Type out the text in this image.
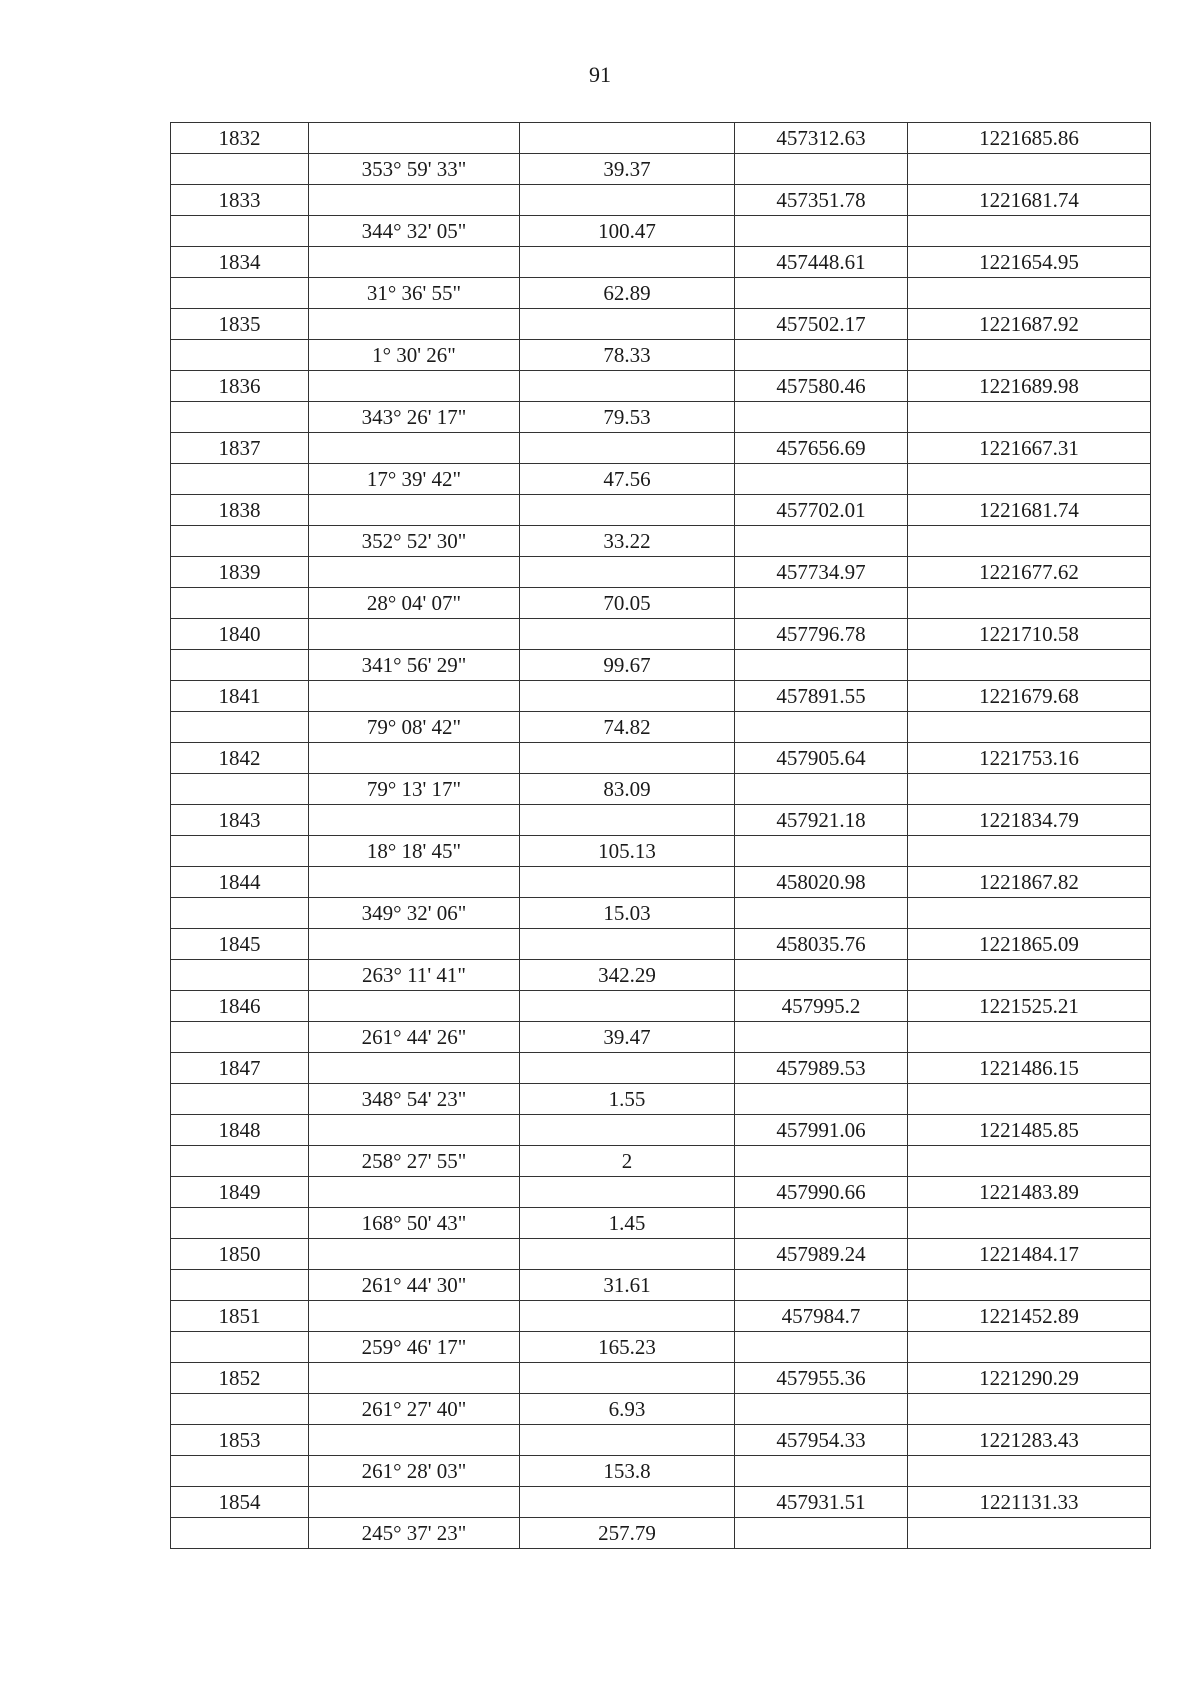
91
1832			457312.63	1221685.86
	353° 59' 33"	39.37		
1833			457351.78	1221681.74
	344° 32' 05"	100.47		
1834			457448.61	1221654.95
	31° 36' 55"	62.89		
1835			457502.17	1221687.92
	1° 30' 26"	78.33		
1836			457580.46	1221689.98
	343° 26' 17"	79.53		
1837			457656.69	1221667.31
	17° 39' 42"	47.56		
1838			457702.01	1221681.74
	352° 52' 30"	33.22		
1839			457734.97	1221677.62
	28° 04' 07"	70.05		
1840			457796.78	1221710.58
	341° 56' 29"	99.67		
1841			457891.55	1221679.68
	79° 08' 42"	74.82		
1842			457905.64	1221753.16
	79° 13' 17"	83.09		
1843			457921.18	1221834.79
	18° 18' 45"	105.13		
1844			458020.98	1221867.82
	349° 32' 06"	15.03		
1845			458035.76	1221865.09
	263° 11' 41"	342.29		
1846			457995.2	1221525.21
	261° 44' 26"	39.47		
1847			457989.53	1221486.15
	348° 54' 23"	1.55		
1848			457991.06	1221485.85
	258° 27' 55"	2		
1849			457990.66	1221483.89
	168° 50' 43"	1.45		
1850			457989.24	1221484.17
	261° 44' 30"	31.61		
1851			457984.7	1221452.89
	259° 46' 17"	165.23		
1852			457955.36	1221290.29
	261° 27' 40"	6.93		
1853			457954.33	1221283.43
	261° 28' 03"	153.8		
1854			457931.51	1221131.33
	245° 37' 23"	257.79		
